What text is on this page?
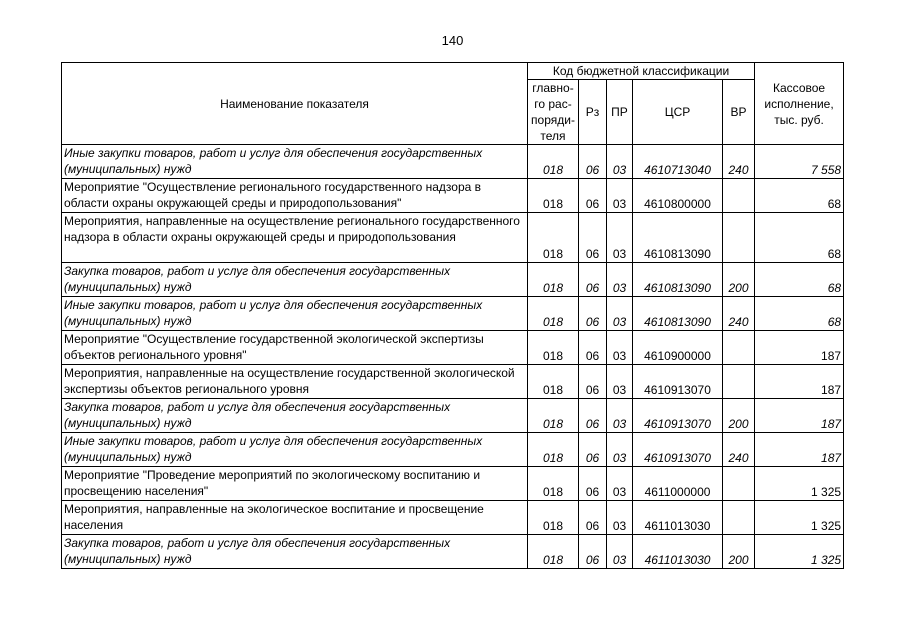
140
Наименование показателя	Код бюджетной классификации					Кассовое исполнение, тыс. руб.
	главно-го рас-поряди-теля	Рз	ПР	ЦСР	ВР	
Иные закупки товаров, работ и услуг для обеспечения государственных (муниципальных) нужд	018	06	03	4610713040	240	7 558
Мероприятие "Осуществление регионального государственного надзора в области охраны окружающей среды и природопользования"	018	06	03	4610800000		68
Мероприятия, направленные на осуществление регионального государственного надзора в области охраны окружающей среды и природопользования	018	06	03	4610813090		68
Закупка товаров, работ и услуг для обеспечения государственных (муниципальных) нужд	018	06	03	4610813090	200	68
Иные закупки товаров, работ и услуг для обеспечения государственных (муниципальных) нужд	018	06	03	4610813090	240	68
Мероприятие "Осуществление государственной экологической экспертизы объектов регионального уровня"	018	06	03	4610900000		187
Мероприятия, направленные на осуществление государственной экологической экспертизы объектов регионального уровня	018	06	03	4610913070		187
Закупка товаров, работ и услуг для обеспечения государственных (муниципальных) нужд	018	06	03	4610913070	200	187
Иные закупки товаров, работ и услуг для обеспечения государственных (муниципальных) нужд	018	06	03	4610913070	240	187
Мероприятие "Проведение мероприятий по экологическому воспитанию и просвещению населения"	018	06	03	4611000000		1 325
Мероприятия, направленные на экологическое воспитание и просвещение населения	018	06	03	4611013030		1 325
Закупка товаров, работ и услуг для обеспечения государственных (муниципальных) нужд	018	06	03	4611013030	200	1 325
